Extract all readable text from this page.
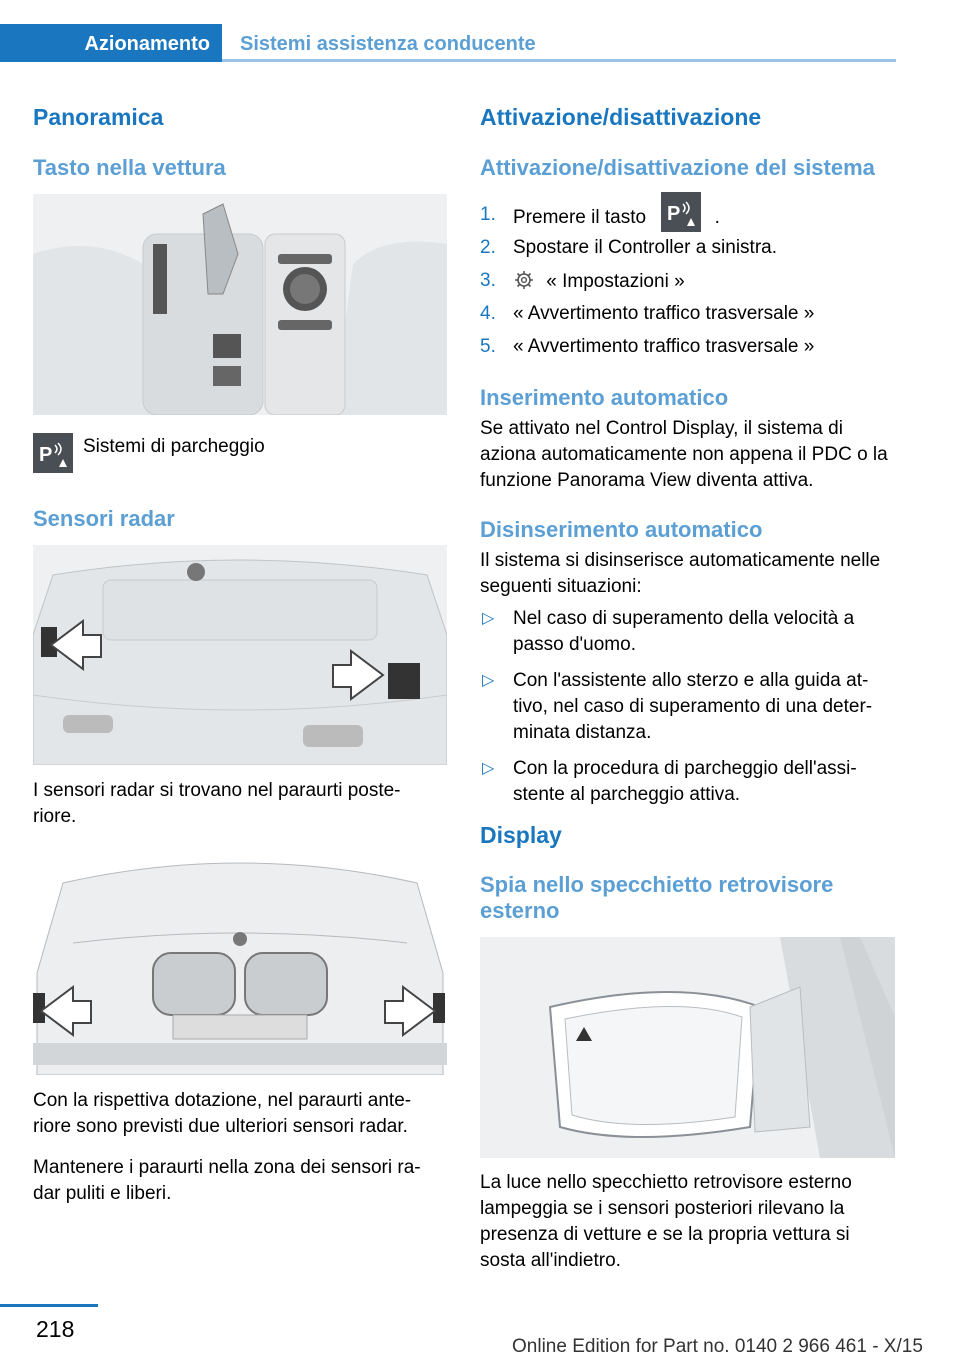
Azionamento Sistemi assistenza conducente
Panoramica
Tasto nella vettura
P Sistemi di parcheggio
Sensori radar
I sensori radar si trovano nel paraurti poste-riore.
Con la rispettiva dotazione, nel paraurti ante-riore sono previsti due ulteriori sensori radar.
Mantenere i paraurti nella zona dei sensori ra-dar puliti e liberi.
Attivazione/disattivazione
Attivazione/disattivazione del sistema
1. Premere il tasto P .
2. Spostare il Controller a sinistra.
3.	« Impostazioni »
4. « Avvertimento traffico trasversale »
5. « Avvertimento traffico trasversale »
Inserimento automatico
Se attivato nel Control Display, il sistema di aziona automaticamente non appena il PDC o la funzione Panorama View diventa attiva.
Disinserimento automatico
Il sistema si disinserisce automaticamente nelle seguenti situazioni:
▷ Nel caso di superamento della velocità a passo d'uomo.
▷ Con l'assistente allo sterzo e alla guida at-tivo, nel caso di superamento di una deter-minata distanza.
▷ Con la procedura di parcheggio dell'assi-stente al parcheggio attiva.
Display
Spia nello specchietto retrovisore esterno
La luce nello specchietto retrovisore esterno lampeggia se i sensori posteriori rilevano la presenza di vetture e se la propria vettura si sosta all'indietro.
218
Online Edition for Part no. 0140 2 966 461 - X/15
